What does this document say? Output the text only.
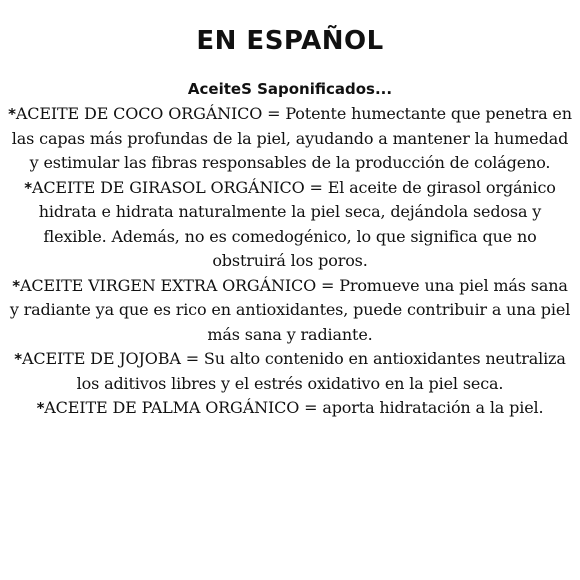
EN ESPAÑOL
AceiteS Saponificados...

*ACEITE DE COCO ORGÁNICO = Potente humectante que penetra en las capas más profundas de la piel, ayudando a mantener la humedad y estimular las fibras responsables de la producción de colágeno.

*ACEITE DE GIRASOL ORGÁNICO = El aceite de girasol orgánico hidrata e hidrata naturalmente la piel seca, dejándola sedosa y flexible. Además, no es comedogénico, lo que significa que no obstruirá los poros.

*ACEITE VIRGEN EXTRA ORGÁNICO = Promueve una piel más sana y radiante ya que es rico en antioxidantes, puede contribuir a una piel más sana y radiante.

*ACEITE DE JOJOBA = Su alto contenido en antioxidantes neutraliza los aditivos libres y el estrés oxidativo en la piel seca.

*ACEITE DE PALMA ORGÁNICO = aporta hidratación a la piel.
